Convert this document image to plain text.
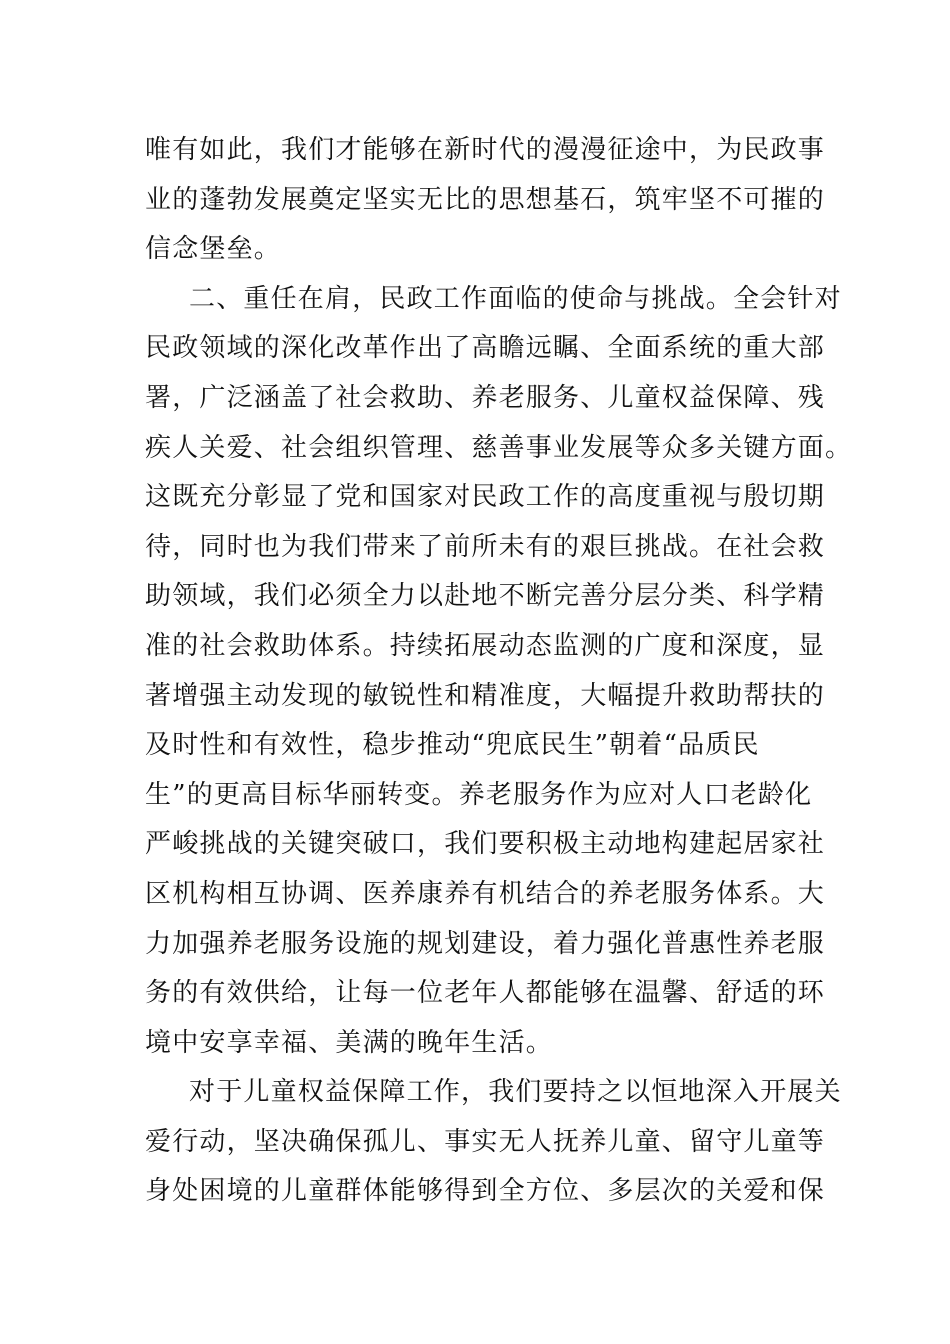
唯有如此，我们才能够在新时代的漫漫征途中，为民政事
业的蓬勃发展奠定坚实无比的思想基石，筑牢坚不可摧的
信念堡垒。
二、重任在肩，民政工作面临的使命与挑战。全会针对
民政领域的深化改革作出了高瞻远瞩、全面系统的重大部
署，广泛涵盖了社会救助、养老服务、儿童权益保障、残
疾人关爱、社会组织管理、慈善事业发展等众多关键方面。
这既充分彰显了党和国家对民政工作的高度重视与殷切期
待，同时也为我们带来了前所未有的艰巨挑战。在社会救
助领域，我们必须全力以赴地不断完善分层分类、科学精
准的社会救助体系。持续拓展动态监测的广度和深度，显
著增强主动发现的敏锐性和精准度，大幅提升救助帮扶的
及时性和有效性，稳步推动“兜底民生”朝着“品质民
生”的更高目标华丽转变。养老服务作为应对人口老龄化
严峻挑战的关键突破口，我们要积极主动地构建起居家社
区机构相互协调、医养康养有机结合的养老服务体系。大
力加强养老服务设施的规划建设，着力强化普惠性养老服
务的有效供给，让每一位老年人都能够在温馨、舒适的环
境中安享幸福、美满的晚年生活。
对于儿童权益保障工作，我们要持之以恒地深入开展关
爱行动，坚决确保孤儿、事实无人抚养儿童、留守儿童等
身处困境的儿童群体能够得到全方位、多层次的关爱和保
